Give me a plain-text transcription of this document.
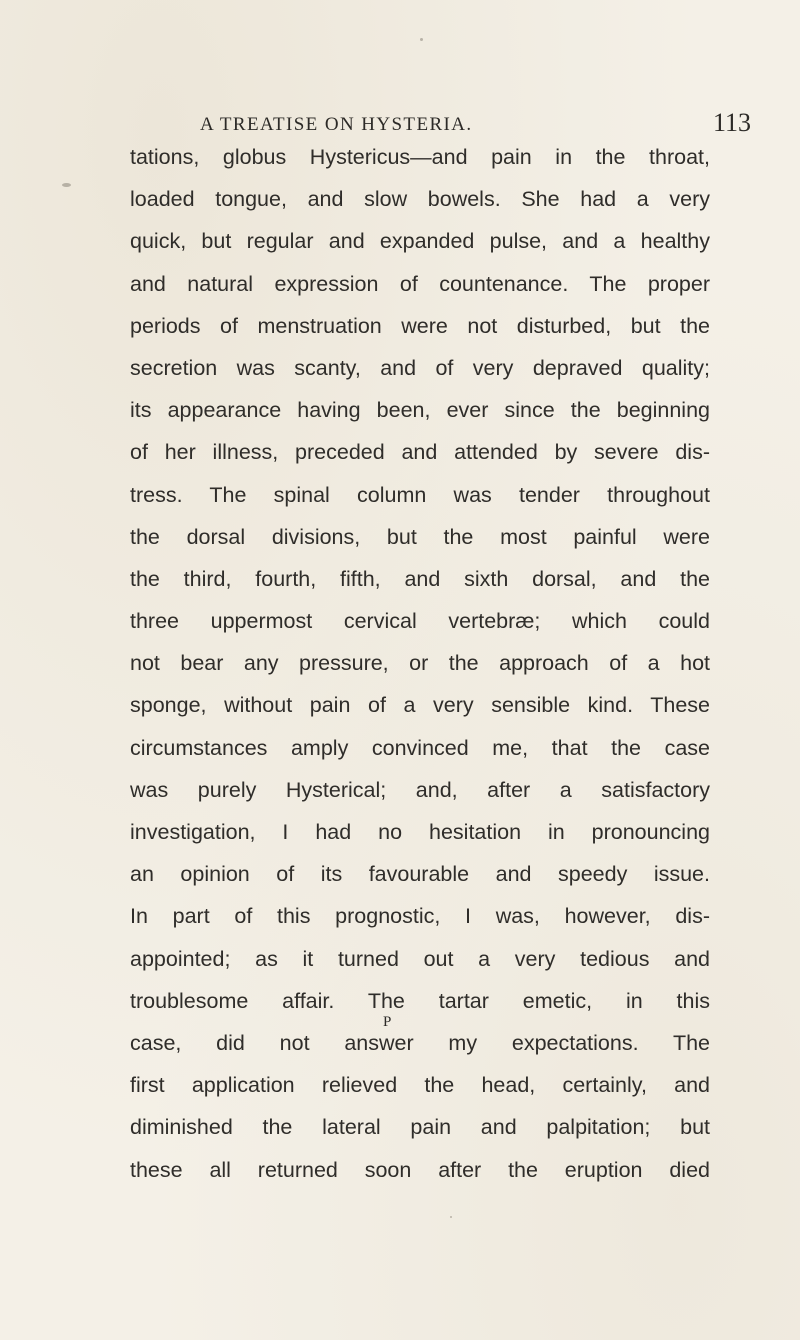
A TREATISE ON HYSTERIA.	113
tations, globus Hystericus—and pain in the throat,
loaded tongue, and slow bowels. She had a very
quick, but regular and expanded pulse, and a healthy
and natural expression of countenance. The proper
periods of menstruation were not disturbed, but the
secretion was scanty, and of very depraved quality;
its appearance having been, ever since the beginning
of her illness, preceded and attended by severe dis-
tress. The spinal column was tender throughout
the dorsal divisions, but the most painful were
the third, fourth, fifth, and sixth dorsal, and the
three uppermost cervical vertebræ; which could
not bear any pressure, or the approach of a hot
sponge, without pain of a very sensible kind. These
circumstances amply convinced me, that the case
was purely Hysterical; and, after a satisfactory
investigation, I had no hesitation in pronouncing
an opinion of its favourable and speedy issue.
In part of this prognostic, I was, however, dis-
appointed; as it turned out a very tedious and
troublesome affair. The tartar emetic, in this
case, did not answer my expectations. The
first application relieved the head, certainly, and
diminished the lateral pain and palpitation; but
these all returned soon after the eruption died
P
